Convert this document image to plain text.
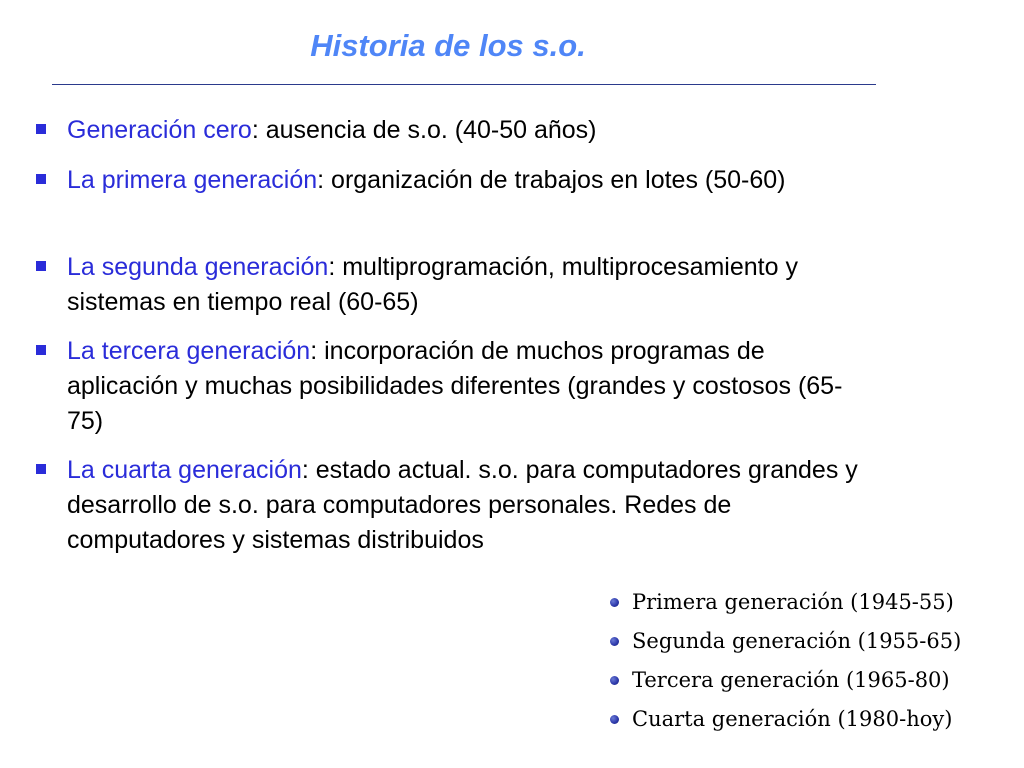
Historia de los s.o.
Generación cero: ausencia de s.o. (40-50 años)
La primera generación: organización de trabajos en lotes (50-60)
La segunda generación: multiprogramación, multiprocesamiento y sistemas en tiempo real (60-65)
La tercera generación: incorporación de muchos programas de aplicación y muchas posibilidades diferentes (grandes y costosos (65-75)
La cuarta generación: estado actual. s.o. para computadores grandes y desarrollo de s.o. para computadores personales. Redes de computadores y sistemas distribuidos
Primera generación (1945-55)
Segunda generación (1955-65)
Tercera generación (1965-80)
Cuarta generación (1980-hoy)
